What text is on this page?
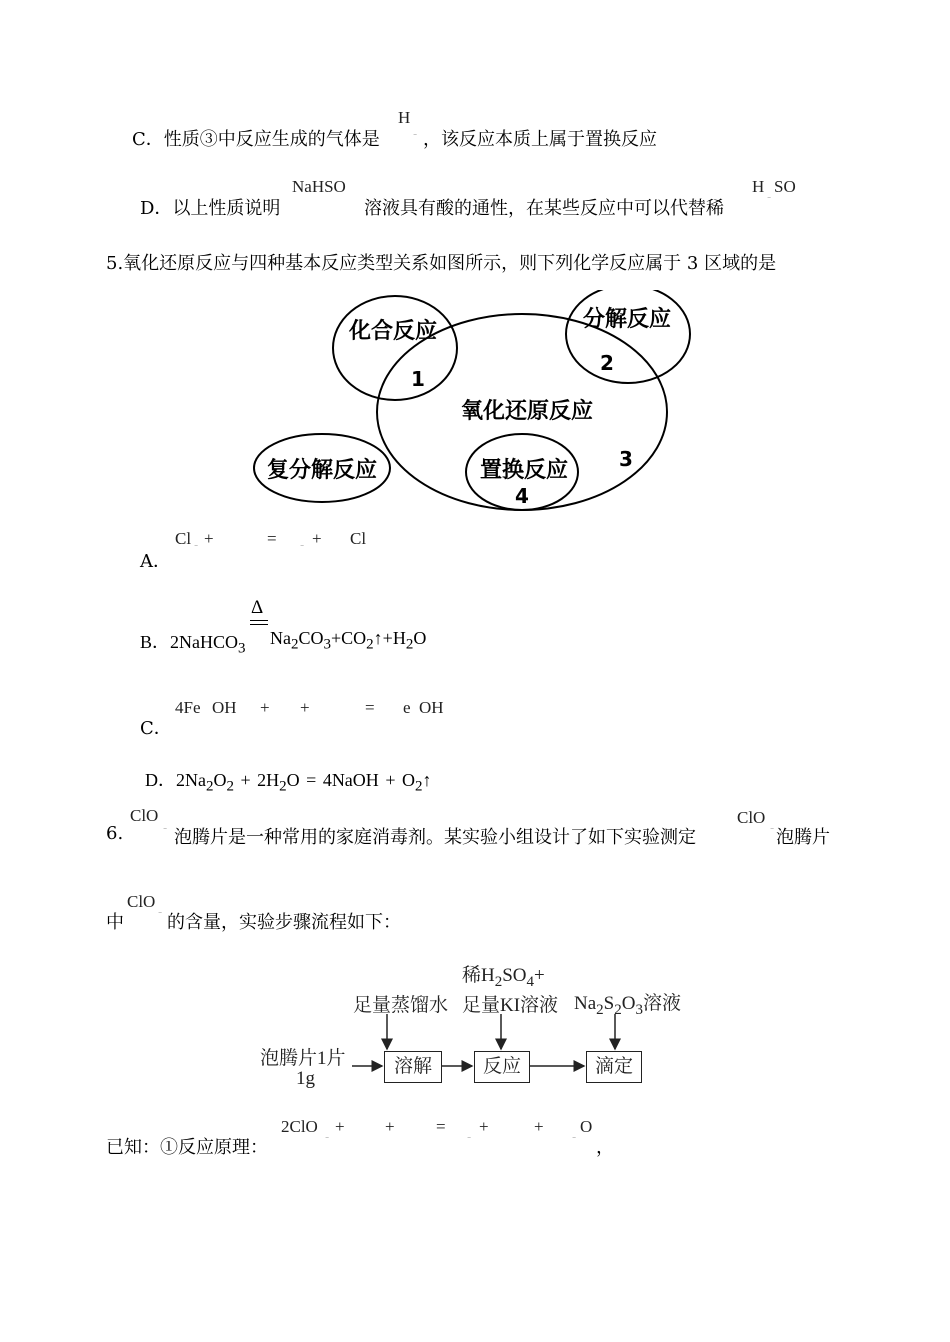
C．性质③中反应生成的气体是
H
⁻ ，该反应本质上属于置换反应
D．以上性质说明
NaHSO
溶液具有酸的通性，在某些反应中可以代替稀
H
⁻
SO
5.氧化还原反应与四种基本反应类型关系如图所示，则下列化学反应属于 3 区域的是
化合反应
1
分解反应
2
氧化还原反应
3
复分解反应	置换反应
4
A．
Cl ⁻ +	=	⁻ + Cl
B．2NaHCO$_3$
Δ
$Na_2CO_3+CO_2↑+H_2O$
C．
4Fe OH + +	= e OH
D．$2Na_2O_2 + 2H_2O$ = 4NaOH + $O_2↑$
6.
ClO
⁻ 泡腾片是一种常用的家庭消毒剂。某实验小组设计了如下实验测定
ClO
⁻ 泡腾片
中
ClO
⁻ 的含量，实验步骤流程如下：
稀$H_2SO_4+$
足量蒸馏水 足量KI溶液 $Na_2S_2O_3$溶液
泡腾片1片
1g
溶解	反应	滴定
已知：①反应原理：
2ClO
⁻
+ + =
⁻
+	+
⁻
O
，
